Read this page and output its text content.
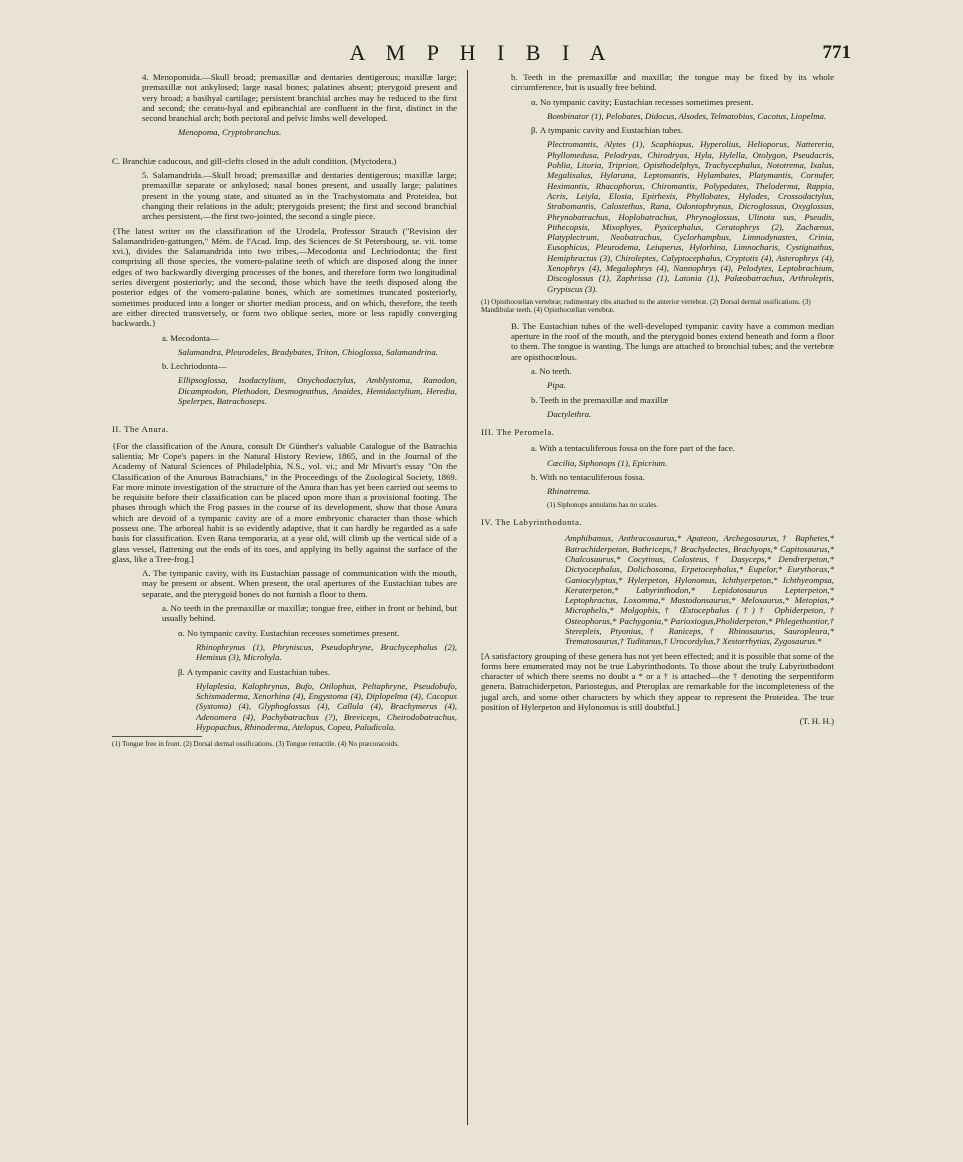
A M P H I B I A	771

4. Menopomida.—Skull broad; premaxillæ and dentaries dentigerous; maxillæ large; premaxillæ not ankylosed; large nasal bones; palatines absent; pterygoid present and very broad; a basihyal cartilage; persistent branchial arches may be reduced to the first and second; the cerato-hyal and epibranchial are confluent in the first, distinct in the second branchial arch; both pectoral and pelvic limbs well developed.

Menopoma, Cryptobranchus.

C. Branchiæ caducous, and gill-clefts closed in the adult condition. (Myctodera.)

5. Salamandrida.—Skull broad; premaxillæ and dentaries dentigerous; maxillæ large; premaxillæ separate or ankylosed; nasal bones present, and usually large; palatines present in the young state, and situated as in the Trachystomata and Proteidea, but changing their relations in the adult; pterygoids present; the first and second branchial arches persistent,—the first two-jointed, the second a single piece.

{The latest writer on the classification of the Urodela, Professor Strauch ("Revision der Salamandriden-gattungen," Mém. de l'Acad. Imp. des Sciences de St Petersbourg, se. vii. tome xvi.), divides the Salamandrida into two tribes,—Mecodonta and Lechriodonta; the first comprising all those species, the vomero-palatine teeth of which are disposed along the inner edges of two backwardly diverging processes of the bones, and therefore form two longitudinal series divergent posteriorly; and the second, those which have the teeth disposed along the posterior edges of the vomero-palatine bones, which are sometimes truncated posteriorly, sometimes produced into a longer or shorter median process, and on which, therefore, the teeth are either directed transversely, or form two oblique series, more or less rapidly converging backwards.}

a. Mecodonta—

Salamandra, Pleurodeles, Bradybates, Triton, Chioglossa, Salamandrina.

b. Lechriodonta—

Ellipsoglossa, Isodactylium, Onychodactylus, Amblystoma, Ranodon, Dicamptodon, Plethodon, Desmognathus, Anaides, Hemidactylium, Heredia, Spelerpes, Batrachoseps.

II. The Anura.

{For the classification of the Anura, consult Dr Günther's valuable Catalogue of the Batrachia salientia; Mr Cope's papers in the Natural History Review, 1865, and in the Journal of the Academy of Natural Sciences of Philadelphia, N.S., vol. vi.; and Mr Mivart's essay "On the Classification of the Anurous Batrachians," in the Proceedings of the Zoological Society, 1869. Far more minute investigation of the structure of the Anura than has yet been carried out seems to be requisite before their classification can be placed upon more than a provisional footing. The phases through which the Frog passes in the course of its development, show that those Anura which are devoid of a tympanic cavity are of a more embryonic character than those which possess one. The arboreal habit is so evidently adaptive, that it can hardly be regarded as a safe basis for classification. Even Rana temporaria, at a year old, will climb up the vertical side of a glass vessel, flattening out the ends of its toes, and applying its belly against the surface of the glass, like a Tree-frog.]

A. The tympanic cavity, with its Eustachian passage of communication with the mouth, may be present or absent. When present, the oral apertures of the Eustachian tubes are separate, and the pterygoid bones do not furnish a floor to them.

a. No teeth in the premaxillæ or maxillæ; tongue free, either in front or behind, but usually behind.

α. No tympanic cavity. Eustachian recesses sometimes present.

Rhinophrynus (1), Phryniscus, Pseudophryne, Brachycephalus (2), Hemisus (3), Microhyla.

β. A tympanic cavity and Eustachian tubes.

Hylaplesia, Kalophrynus, Bufo, Otilophus, Peltaphryne, Pseudobufo, Schismaderma, Xenorhina (4), Engystoma (4), Diplopelma (4), Cacopus (Systoma) (4), Glyphoglossus (4), Callula (4), Brachymerus (4), Adenomera (4), Pachybatrachus (?), Breviceps, Cheirodobatrachus, Hypopachus, Rhinoderma, Atelopus, Copea, Paludicola.

(1) Tongue free in front. (2) Dorsal dermal ossifications. (3) Tongue retractile. (4) No præcoracoids.

b. Teeth in the premaxillæ and maxillæ; the tongue may be fixed by its whole circumference, but is usually free behind.

α. No tympanic cavity; Eustachian recesses sometimes present.

Bombinator (1), Pelobates, Didocus, Alsodes, Telmatobius, Cacotus, Liopelma.

β. A tympanic cavity and Eustachian tubes.

Plectromantis, Alytes (1), Scaphiopus, Hyperolius, Helioporus, Nattereria, Phyllomedusa, Pelodryas, Chirodryas, Hyla, Hylella, Otolygon, Pseudacris, Pohlia, Litoria, Triprion, Opisthodelphys, Trachycephalus, Nototrema, Ixalus, Megalixalus, Hylarana, Leptomantis, Hylambates, Platymantis, Cornufer, Heximantis, Rhacophorus, Chiromantis, Polypedates, Theloderma, Rappia, Acris, Leiyla, Elosia, Epirhexis, Phyllobates, Hylodes, Crossodactylus, Strabomantis, Calostethus, Rana, Odontophrynus, Dicroglossus, Oxyglossus, Phrynobatrachus, Hoplobatrachus, Phrynoglossus, Ulinota sus, Pseudis, Pithecopsis, Mixophyes, Pyxicephalus, Ceratophrys (2), Zachænus, Platyplectrum, Neobatrachus, Cyclorhamphus, Limnodynastes, Crinia, Eusophicus, Pleurodema, Leiuperus, Hylorhina, Limnocharis, Cystignathus, Hemiphractus (3), Chiroleptes, Calyptocephalus, Cryptotis (4), Asterophrys (4), Xenophrys (4), Megalophrys (4), Nannophrys (4), Pelodytes, Leptobrachium, Discoglossus (1), Zaphrissa (1), Latonia (1), Palæobatrachus, Arthroleptis, Grypiscus (3).

(1) Opisthocœlian vertebræ; rudimentary ribs attached to the anterior vertebræ. (2) Dorsal dermal ossifications. (3) Mandibular teeth. (4) Opisthocœlian vertebræ.

B. The Eustachian tubes of the well-developed tympanic cavity have a common median aperture in the roof of the mouth, and the pterygoid bones extend beneath and form a floor to them. The tongue is wanting. The lungs are attached to bronchial tubes; and the vertebræ are opisthocœlous.

a. No teeth.

Pipa.

b. Teeth in the premaxillæ and maxillæ

Dactylethra.

III. The Peromela.

a. With a tentaculiferous fossa on the fore part of the face.

Cæcilia, Siphonops (1), Epicrium.

b. With no tentaculiferous fossa.

Rhinatrema.

(1) Siphonops annulatus has no scales.

IV. The Labyrinthodonta.

Amphibamus, Anthracosaurus,* Apateon, Archegosaurus,† Baphetes,* Batrachiderpeton, Bothriceps,† Brachydectes, Brachyops,* Capitosaurus,* Chalcosaurus,* Cocytinus, Colosteus,† Dasyceps,* Dendrerpeton,* Dictyocephalus, Dolichosoma, Erpetocephalus,* Eupelor,* Eurythorax,* Ganiocylyptus,* Hylerpeton, Hylonomus, Ichthyerpeton,* Ichthyeompsa, Keraterpeton,* Labyrinthodon,* Lepidotosaurus Lepterpeton,* Leptophractus, Loxomma,* Mastodonsaurus,* Melosaurus,* Metopias,* Microphelis,* Molgophis,† Œstocephalus (†)† Ophiderpeton,† Osteophorus,* Pachygonia,* Parioxiogus,Pholiderpeton,* Phlegethontior,† Sterepleis, Ptyonius,† Raniceps,† Rhinosaurus, Sauropleura,* Trematosaurus,† Tuditanus,† Urocordylus,† Xestorrhytias, Zygosaurus.*

[A satisfactory grouping of these genera has not yet been effected; and it is possible that some of the forms here enumerated may not be true Labyrinthodonts. To those about the truly Labyrinthodont character of which there seems no doubt a * or a † is attached—the † denoting the serpentiform genera. Batrachiderpeton, Pariostegus, and Pteroplax are remarkable for the incompleteness of the jugal arch, and some other characters by which they appear to represent the Proteidea. The true position of Hylerpeton and Hylonomus is still doubtful.]

(T. H. H.)
